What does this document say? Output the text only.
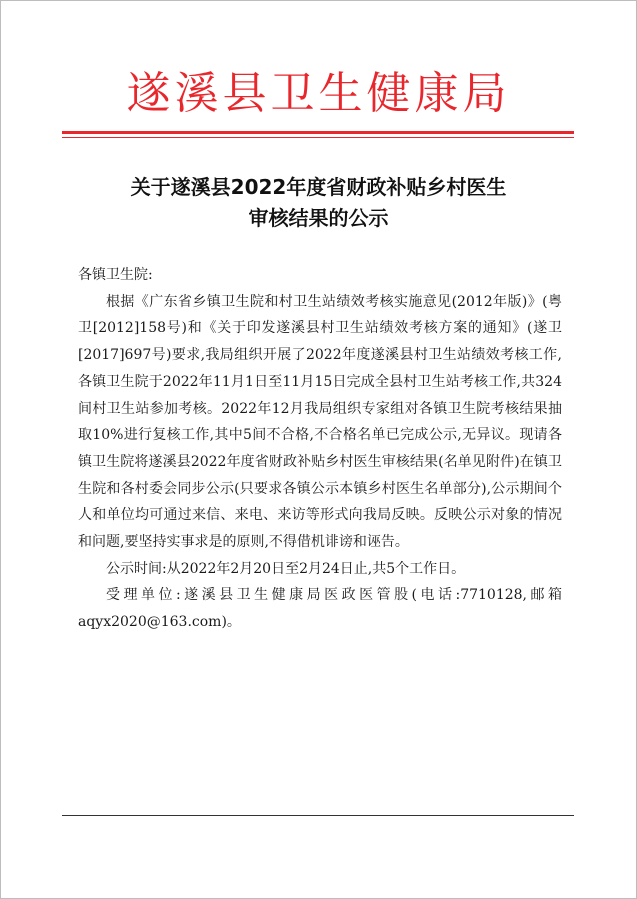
遂溪县卫生健康局
关于遂溪县2022年度省财政补贴乡村医生
审核结果的公示

各镇卫生院:

根据《广东省乡镇卫生院和村卫生站绩效考核实施意见(2012年版)》(粤卫[2012]158号)和《关于印发遂溪县村卫生站绩效考核方案的通知》(遂卫[2017]697号)要求,我局组织开展了2022年度遂溪县村卫生站绩效考核工作,各镇卫生院于2022年11月1日至11月15日完成全县村卫生站考核工作,共324间村卫生站参加考核。2022年12月我局组织专家组对各镇卫生院考核结果抽取10%进行复核工作,其中5间不合格,不合格名单已完成公示,无异议。现请各镇卫生院将遂溪县2022年度省财政补贴乡村医生审核结果(名单见附件)在镇卫生院和各村委会同步公示(只要求各镇公示本镇乡村医生名单部分),公示期间个人和单位均可通过来信、来电、来访等形式向我局反映。反映公示对象的情况和问题,要坚持实事求是的原则,不得借机诽谤和诬告。

公示时间:从2022年2月20日至2月24日止,共5个工作日。

受理单位:遂溪县卫生健康局医政医管股(电话:7710128,邮箱aqyx2020@163.com)。
